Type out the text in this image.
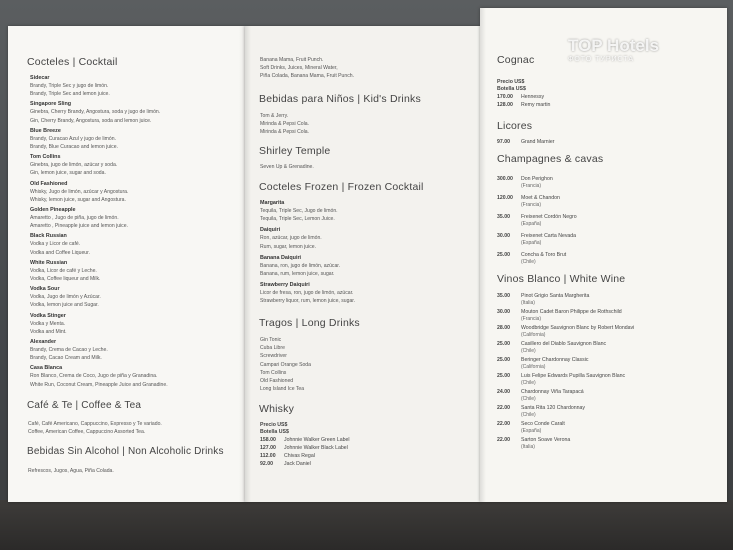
Cocteles | Cocktail
Sidecar
Brandy, Triple Sec y jugo de limón.
Brandy, Triple Sec and lemon juice.
Singapore Sling
Ginebra, Cherry Brandy, Angostura, soda y jugo de limón.
Gin, Cherry Brandy, Angostura, soda and lemon juice.
Blue Breeze
Brandy, Curacao Azul y jugo de limón.
Brandy, Blue Curacao and lemon juice.
Tom Collins
Ginebra, jugo de limón, azúcar y soda.
Gin, lemon juice, sugar and soda.
Old Fashioned
Whisky, Jugo de limón, azúcar y Angostura.
Whisky, lemon juice, sugar and Angostura.
Golden Pineapple
Amaretto , Jugo de piña, jugo de limón.
Amaretto , Pineapple juice and lemon juice.
Black Russian
Vodka y Licor de café.
Vodka and Coffee Liqueur.
White Russian
Vodka, Licor de café y Leche.
Vodka, Coffee liqueur and Milk.
Vodka Sour
Vodka, Jugo de limón y Azúcar.
Vodka, lemon juice and Sugar.
Vodka Stinger
Vodka y Menta.
Vodka and Mint.
Alexander
Brandy, Crema de Cacao y Leche.
Brandy, Cacao Cream and Milk.
Casa Blanca
Ron Blanco, Crema de Coco, Jugo de piña y Granadina.
White Run, Coconut Cream, Pineapple Juice and Granadine.
Café & Te | Coffee & Tea
Café, Café Americano, Cappuccino, Expresso y Te variado.
Coffee, American Coffee, Cappuccino Assorted Tea.
Bebidas Sin Alcohol | Non Alcoholic Drinks
Refrescos, Jugos, Agua, Piña Colada.
Banana Mama, Fruit Punch.
Soft Drinks, Juices, Mineral Water,
Piña Colada, Banana Mama, Fruit Punch.
Bebidas para Niños | Kid's Drinks
Tom & Jerry.
Mirinda & Pepsi Cola.
Mirinda & Pepsi Cola.
Shirley Temple
Seven Up & Grenadine.
Cocteles Frozen | Frozen Cocktail
Margarita
Tequila, Triple Sec, Jugo de limón.
Tequila, Triple Sec, Lemon Juice.
Daiquiri
Ron, azúcar, jugo de limón.
Rum, sugar, lemon juice.
Banana Daiquiri
Banana, ron, jugo de limón, azúcar.
Banana, rum, lemon juice, sugar.
Strawberry Daiquiri
Licor de fresa, ron, jugo de limón, azúcar.
Strawberry liquor, rum, lemon juice, sugar.
Tragos | Long Drinks
Gin Tonic
Cuba Libre
Screwdriver
Campari Orange Soda
Tom Collins
Old Fashioned
Long Island Ice Tea
Whisky
Precio US$
Botella US$
158.00	Johnnie Walker Green Label
127.00	Johnnie Walker Black Label
112.00	Chivas Regal
92.00	Jack Daniel
Cognac
Precio US$
Botella US$
170.00	Hennessy
128.00	Remy martin
Licores
97.00	Grand Marnier
Champagnes & cavas
300.00	Don Perighon
(Francia)
120.00	Moet & Chandon
(Francia)
35.00	Freixenet Cordón Negro
(España)
30.00	Freixenet Carta Nevada
(España)
25.00	Concha & Toro Brut
(Chile)
Vinos Blanco | White Wine
35.00	Pinot Grigio Santa Margherita
(Italia)
30.00	Mouton Cadet Baron Philippe de Rothschild
(Francia)
28.00	Woodbridge Sauvignon Blanc by Robert Mondavi
(California)
25.00	Casillero del Diablo Sauvignon Blanc
(Chile)
25.00	Beringer Chardonnay Classic
(California)
25.00	Luis Felipe Edwards Pupilla Sauvignon Blanc
(Chile)
24.00	Chardonnay Viña Tarapacá
(Chile)
22.00	Santa Rita 120 Chardonnay
(Chile)
22.00	Seco Conde Caralt
(España)
22.00	Sarton Soave Verona
(Italia)
TOP Hotels
ФОТО ТУРИСТА
